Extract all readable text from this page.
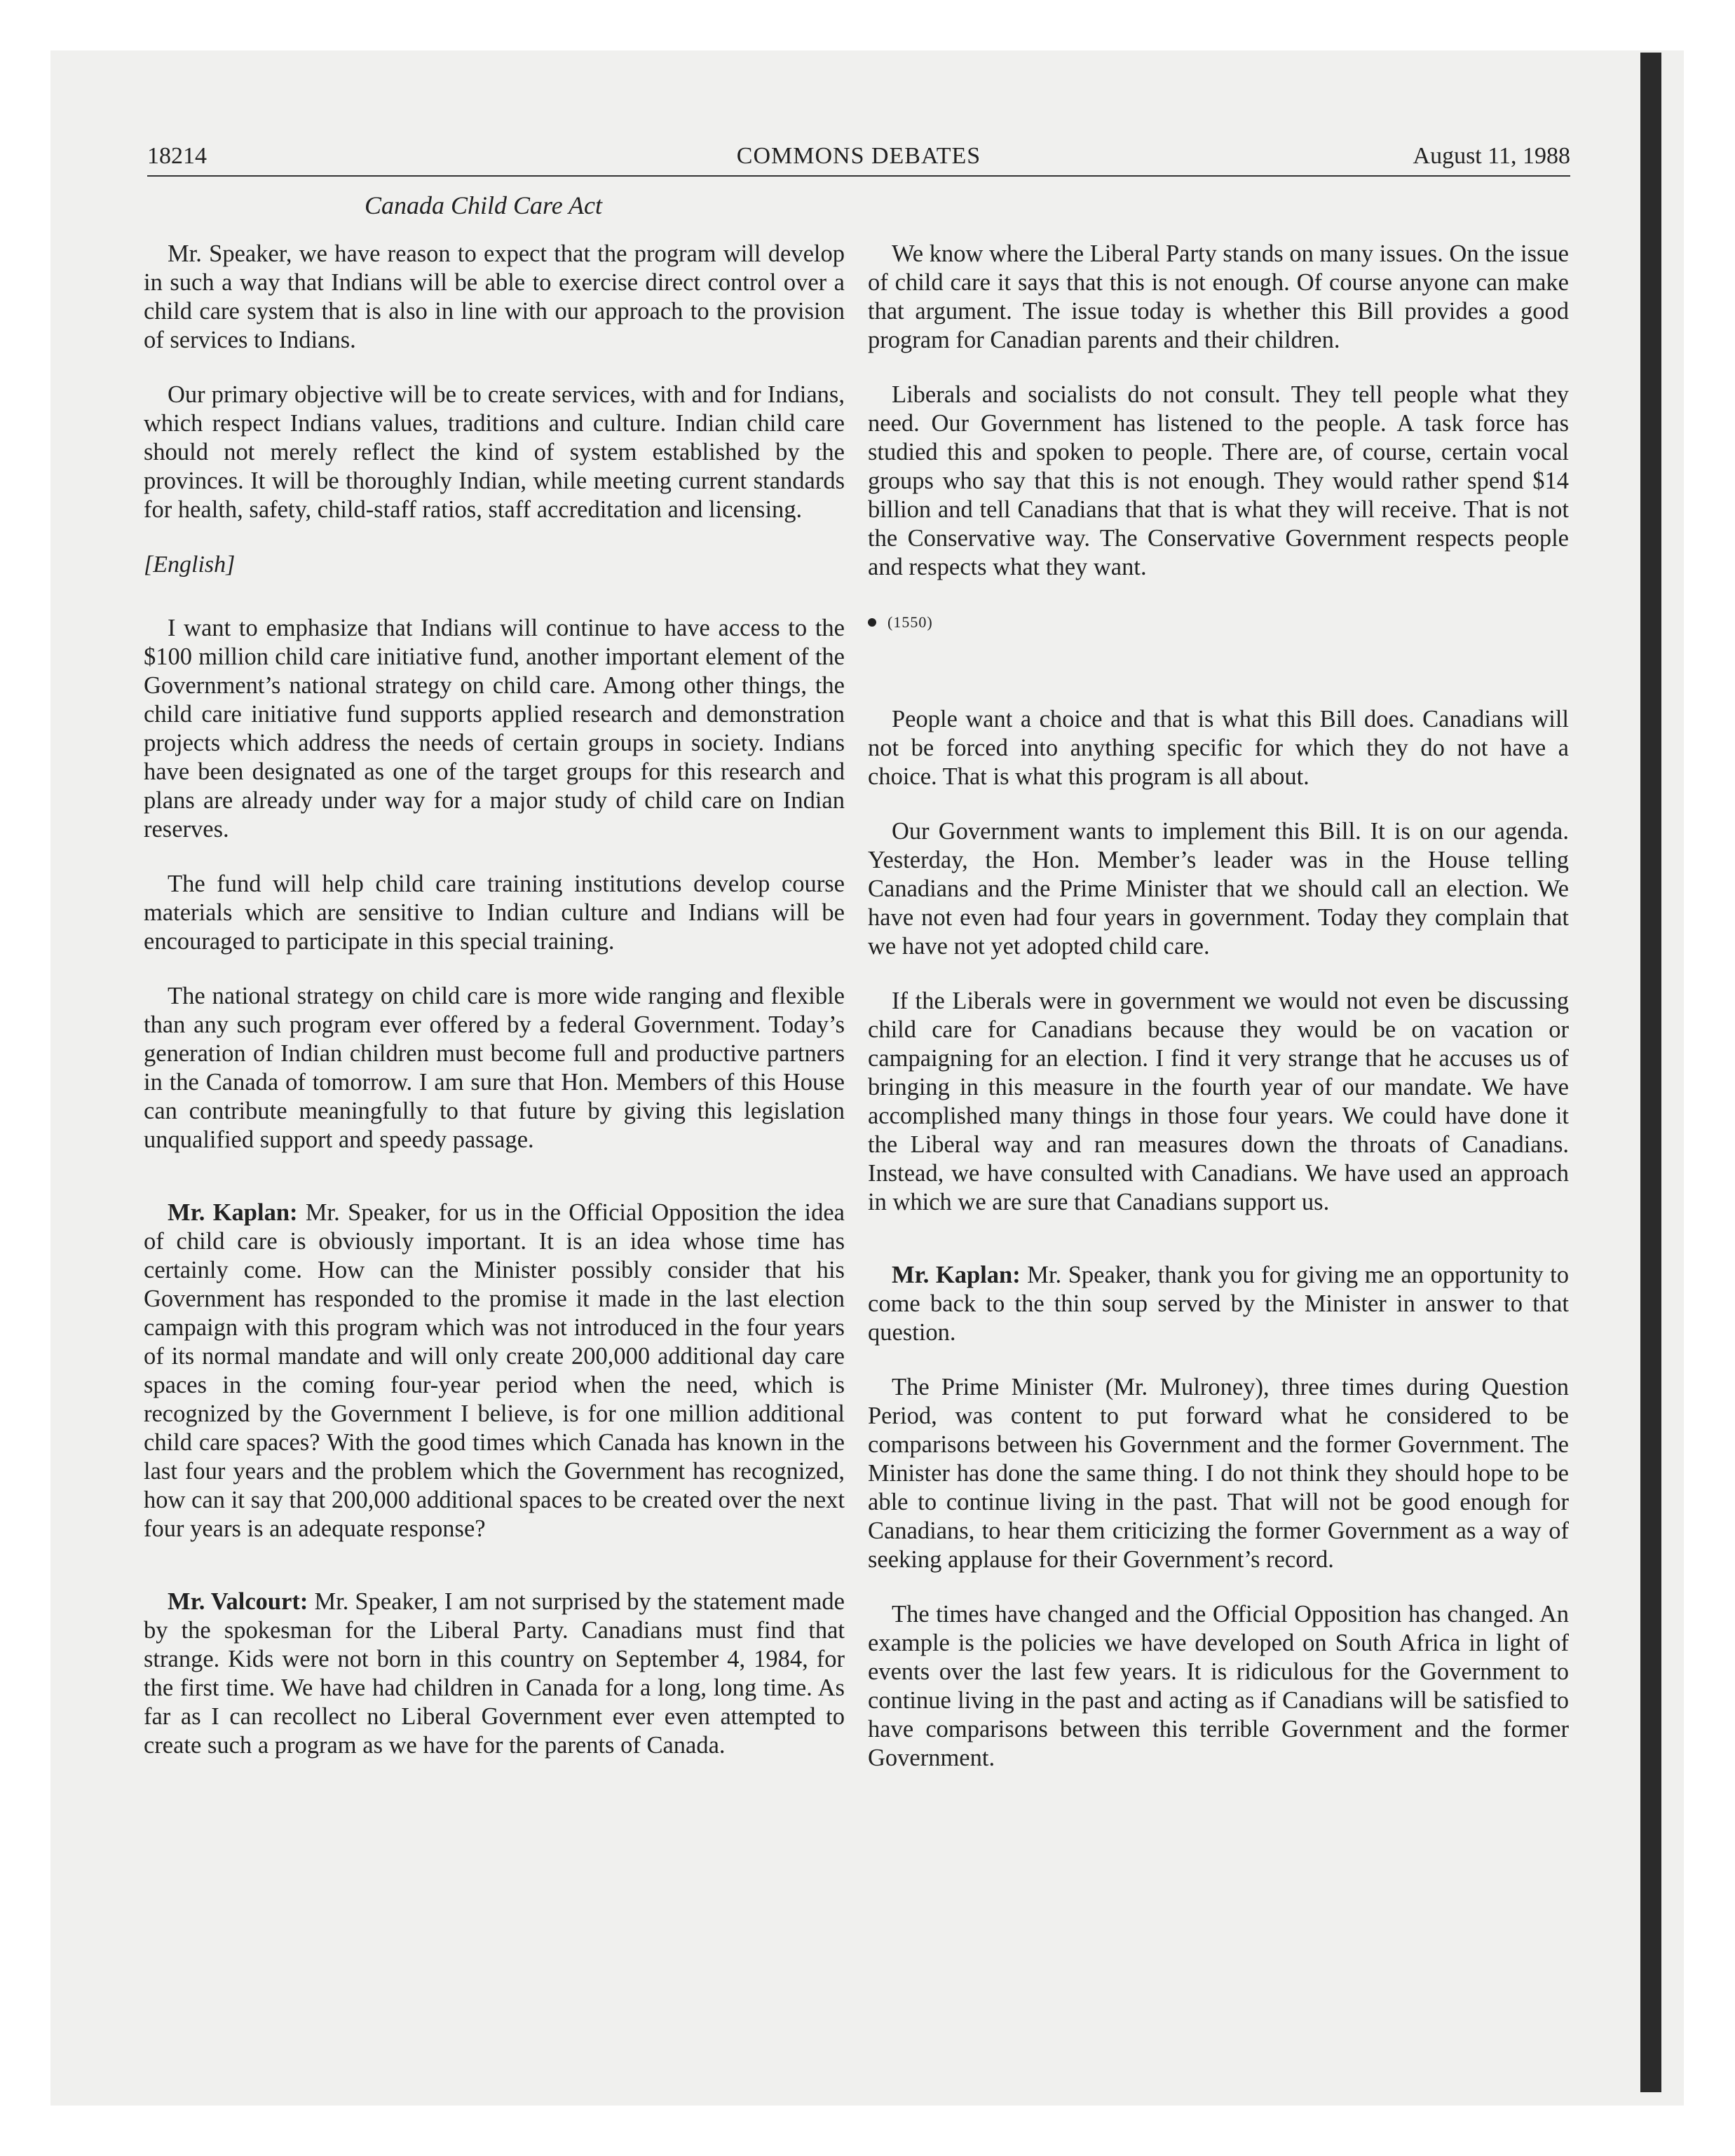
18214	COMMONS DEBATES	August 11, 1988
Canada Child Care Act

Mr. Speaker, we have reason to expect that the program will develop in such a way that Indians will be able to exercise direct control over a child care system that is also in line with our approach to the provision of services to Indians.

Our primary objective will be to create services, with and for Indians, which respect Indians values, traditions and culture. Indian child care should not merely reflect the kind of system established by the provinces. It will be thoroughly Indian, while meeting current standards for health, safety, child-staff ratios, staff accreditation and licensing.

[English]

I want to emphasize that Indians will continue to have access to the $100 million child care initiative fund, another important element of the Government’s national strategy on child care. Among other things, the child care initiative fund supports applied research and demonstration projects which address the needs of certain groups in society. Indians have been designated as one of the target groups for this research and plans are already under way for a major study of child care on Indian reserves.

The fund will help child care training institutions develop course materials which are sensitive to Indian culture and Indians will be encouraged to participate in this special training.

The national strategy on child care is more wide ranging and flexible than any such program ever offered by a federal Government. Today’s generation of Indian children must become full and productive partners in the Canada of tomorrow. I am sure that Hon. Members of this House can contribute meaningfully to that future by giving this legislation unqualified support and speedy passage.

Mr. Kaplan: Mr. Speaker, for us in the Official Opposition the idea of child care is obviously important. It is an idea whose time has certainly come. How can the Minister possibly consider that his Government has responded to the promise it made in the last election campaign with this program which was not introduced in the four years of its normal mandate and will only create 200,000 additional day care spaces in the coming four-year period when the need, which is recognized by the Government I believe, is for one million additional child care spaces? With the good times which Canada has known in the last four years and the problem which the Government has recognized, how can it say that 200,000 additional spaces to be created over the next four years is an adequate response?

Mr. Valcourt: Mr. Speaker, I am not surprised by the statement made by the spokesman for the Liberal Party. Canadians must find that strange. Kids were not born in this country on September 4, 1984, for the first time. We have had children in Canada for a long, long time. As far as I can recollect no Liberal Government ever even attempted to create such a program as we have for the parents of Canada.

We know where the Liberal Party stands on many issues. On the issue of child care it says that this is not enough. Of course anyone can make that argument. The issue today is whether this Bill provides a good program for Canadian parents and their children.

Liberals and socialists do not consult. They tell people what they need. Our Government has listened to the people. A task force has studied this and spoken to people. There are, of course, certain vocal groups who say that this is not enough. They would rather spend $14 billion and tell Canadians that that is what they will receive. That is not the Conservative way. The Conservative Government respects people and respects what they want.

(1550)

People want a choice and that is what this Bill does. Canadians will not be forced into anything specific for which they do not have a choice. That is what this program is all about.

Our Government wants to implement this Bill. It is on our agenda. Yesterday, the Hon. Member’s leader was in the House telling Canadians and the Prime Minister that we should call an election. We have not even had four years in government. Today they complain that we have not yet adopted child care.

If the Liberals were in government we would not even be discussing child care for Canadians because they would be on vacation or campaigning for an election. I find it very strange that he accuses us of bringing in this measure in the fourth year of our mandate. We have accomplished many things in those four years. We could have done it the Liberal way and ran measures down the throats of Canadians. Instead, we have consulted with Canadians. We have used an approach in which we are sure that Canadians support us.

Mr. Kaplan: Mr. Speaker, thank you for giving me an opportunity to come back to the thin soup served by the Minister in answer to that question.

The Prime Minister (Mr. Mulroney), three times during Question Period, was content to put forward what he considered to be comparisons between his Government and the former Government. The Minister has done the same thing. I do not think they should hope to be able to continue living in the past. That will not be good enough for Canadians, to hear them criticizing the former Government as a way of seeking applause for their Government’s record.

The times have changed and the Official Opposition has changed. An example is the policies we have developed on South Africa in light of events over the last few years. It is ridiculous for the Government to continue living in the past and acting as if Canadians will be satisfied to have comparisons between this terrible Government and the former Government.
